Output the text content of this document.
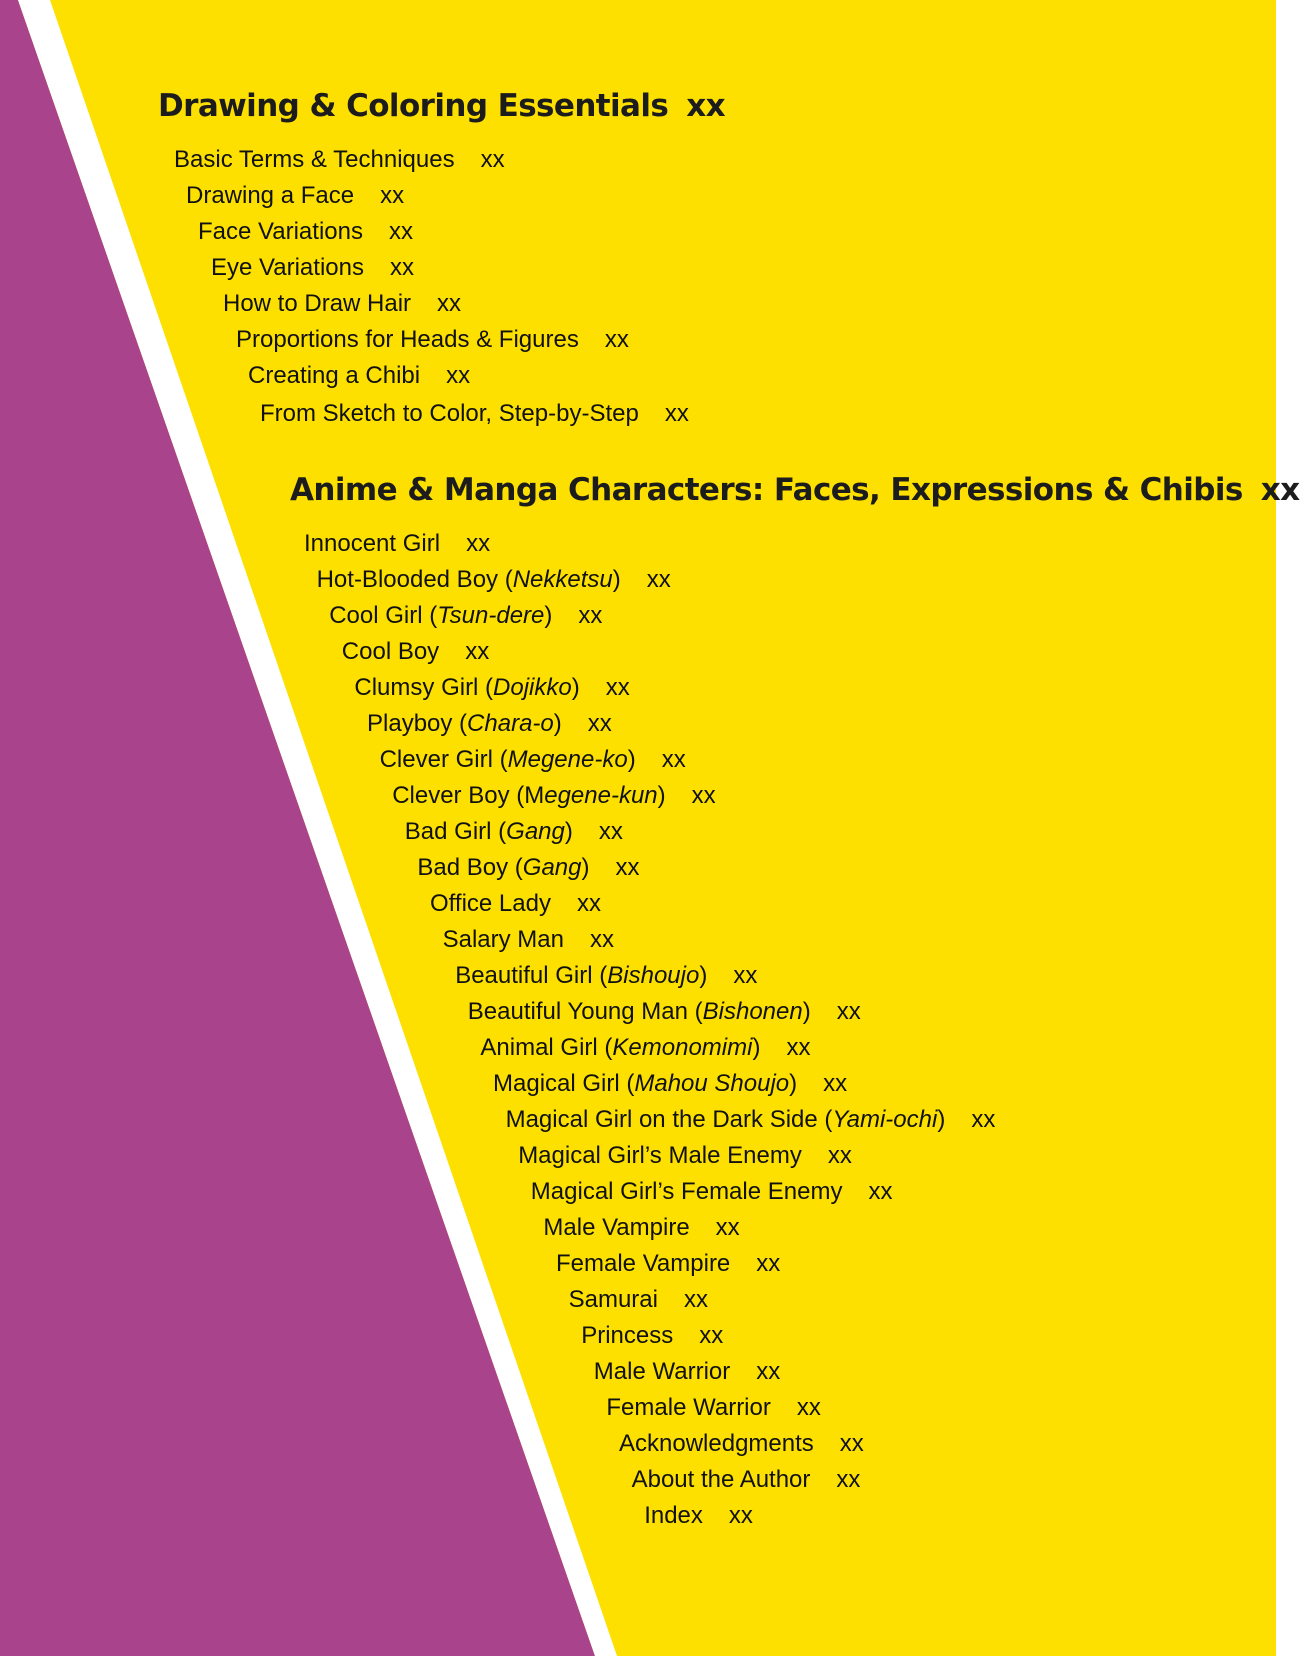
Drawing & Coloring Essentials xx
Basic Terms & Techniques xx
Drawing a Face xx
Face Variations xx
Eye Variations xx
How to Draw Hair xx
Proportions for Heads & Figures xx
Creating a Chibi xx
From Sketch to Color, Step-by-Step xx
Anime & Manga Characters: Faces, Expressions & Chibis xx
Innocent Girl xx
Hot-Blooded Boy (Nekketsu) xx
Cool Girl (Tsun-dere) xx
Cool Boy xx
Clumsy Girl (Dojikko) xx
Playboy (Chara-o) xx
Clever Girl (Megene-ko) xx
Clever Boy (Megene-kun) xx
Bad Girl (Gang) xx
Bad Boy (Gang) xx
Office Lady xx
Salary Man xx
Beautiful Girl (Bishoujo) xx
Beautiful Young Man (Bishonen) xx
Animal Girl (Kemonomimi) xx
Magical Girl (Mahou Shoujo) xx
Magical Girl on the Dark Side (Yami-ochi) xx
Magical Girl’s Male Enemy xx
Magical Girl’s Female Enemy xx
Male Vampire xx
Female Vampire xx
Samurai xx
Princess xx
Male Warrior xx
Female Warrior xx
Acknowledgments xx
About the Author xx
Index xx
